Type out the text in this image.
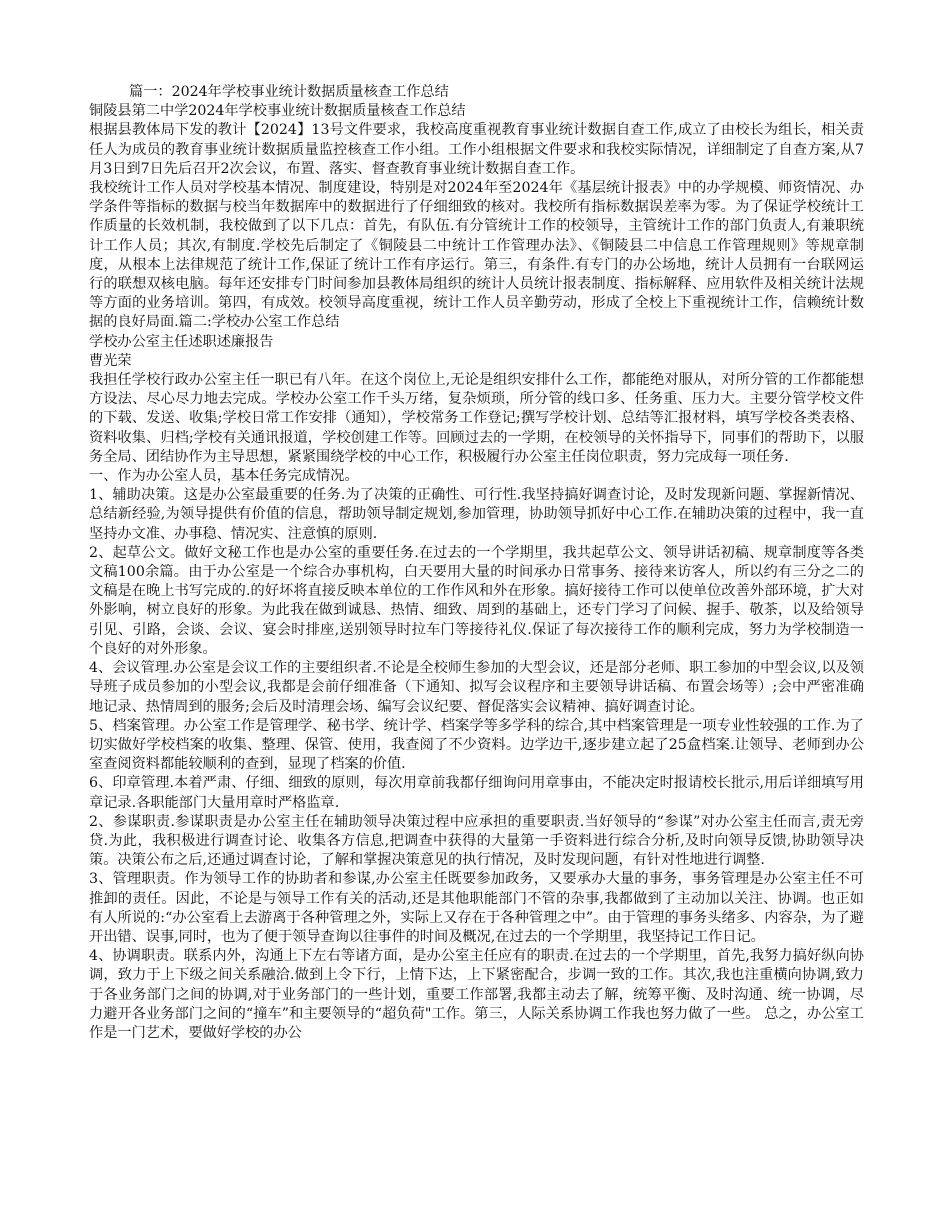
篇一：2024年学校事业统计数据质量核查工作总结

铜陵县第二中学2024年学校事业统计数据质量核查工作总结

根据县教体局下发的教计【2024】13号文件要求，我校高度重视教育事业统计数据自查工作,成立了由校长为组长，相关责任人为成员的教育事业统计数据质量监控核查工作小组。工作小组根据文件要求和我校实际情况，详细制定了自查方案,从7月3日到7日先后召开2次会议，布置、落实、督查教育事业统计数据自查工作。

我校统计工作人员对学校基本情况、制度建设，特别是对2024年至2024年《基层统计报表》中的办学规模、师资情况、办学条件等指标的数据与校当年数据库中的数据进行了仔细细致的核对。我校所有指标数据误差率为零。为了保证学校统计工作质量的长效机制，我校做到了以下几点：首先，有队伍.有分管统计工作的校领导，主管统计工作的部门负责人,有兼职统计工作人员；其次,有制度.学校先后制定了《铜陵县二中统计工作管理办法》、《铜陵县二中信息工作管理规则》等规章制度，从根本上法律规范了统计工作,保证了统计工作有序运行。第三，有条件.有专门的办公场地，统计人员拥有一台联网运行的联想双核电脑。每年还安排专门时间参加县教体局组织的统计人员统计报表制度、指标解释、应用软件及相关统计法规等方面的业务培训。第四，有成效。校领导高度重视，统计工作人员辛勤劳动，形成了全校上下重视统计工作，信赖统计数据的良好局面.篇二:学校办公室工作总结

学校办公室主任述职述廉报告

曹光荣

我担任学校行政办公室主任一职已有八年。在这个岗位上,无论是组织安排什么工作，都能绝对服从，对所分管的工作都能想方设法、尽心尽力地去完成。学校办公室工作千头万绪，复杂烦琐，所分管的线口多、任务重、压力大。主要分管学校文件的下载、发送、收集;学校日常工作安排（通知），学校常务工作登记;撰写学校计划、总结等汇报材料，填写学校各类表格、资料收集、归档;学校有关通讯报道，学校创建工作等。回顾过去的一学期，在校领导的关怀指导下，同事们的帮助下，以服务全局、团结协作为主导思想，紧紧围绕学校的中心工作，积极履行办公室主任岗位职责，努力完成每一项任务.

一、作为办公室人员，基本任务完成情况。

1、辅助决策。这是办公室最重要的任务.为了决策的正确性、可行性.我坚持搞好调查讨论，及时发现新问题、掌握新情况、总结新经验,为领导提供有价值的信息，帮助领导制定规划,参加管理，协助领导抓好中心工作.在辅助决策的过程中，我一直坚持办文准、办事稳、情况实、注意慎的原则.

2、起草公文。做好文秘工作也是办公室的重要任务.在过去的一个学期里，我共起草公文、领导讲话初稿、规章制度等各类文稿100余篇。由于办公室是一个综合办事机构，白天要用大量的时间承办日常事务、接待来访客人，所以约有三分之二的文稿是在晚上书写完成的.的好坏将直接反映本单位的工作作风和外在形象。搞好接待工作可以使单位改善外部环境，扩大对外影响，树立良好的形象。为此我在做到诚恳、热情、细致、周到的基础上，还专门学习了问候、握手、敬茶，以及给领导引见、引路，会谈、会议、宴会时排座,送别领导时拉车门等接待礼仪.保证了每次接待工作的顺利完成，努力为学校制造一个良好的对外形象。

4、会议管理.办公室是会议工作的主要组织者.不论是全校师生参加的大型会议，还是部分老师、职工参加的中型会议,以及领导班子成员参加的小型会议,我都是会前仔细准备（下通知、拟写会议程序和主要领导讲话稿、布置会场等）;会中严密准确地记录、热情周到的服务;会后及时清理会场、编写会议纪要、督促落实会议精神、搞好调查讨论。

5、档案管理。办公室工作是管理学、秘书学、统计学、档案学等多学科的综合,其中档案管理是一项专业性较强的工作.为了切实做好学校档案的收集、整理、保管、使用，我查阅了不少资料。边学边干,逐步建立起了25盒档案.让领导、老师到办公 室查阅资料都能较顺利的查到，显现了档案的价值.

6、印章管理.本着严肃、仔细、细致的原则，每次用章前我都仔细询问用章事由，不能决定时报请校长批示,用后详细填写用章记录.各职能部门大量用章时严格监章.

2、参谋职责.参谋职责是办公室主任在辅助领导决策过程中应承担的重要职责.当好领导的“参谋”对办公室主任而言,责无旁贷.为此，我积极进行调查讨论、收集各方信息,把调查中获得的大量第一手资料进行综合分析,及时向领导反馈,协助领导决策。决策公布之后,还通过调查讨论，了解和掌握决策意见的执行情况，及时发现问题，有针对性地进行调整.

3、管理职责。作为领导工作的协助者和参谋,办公室主任既要参加政务，又要承办大量的事务，事务管理是办公室主任不可推卸的责任。因此，不论是与领导工作有关的活动,还是其他职能部门不管的杂事,我都做到了主动加以关注、协调。也正如有人所说的:“办公室看上去游离于各种管理之外，实际上又存在于各种管理之中”。由于管理的事务头绪多、内容杂，为了避开出错、误事,同时，也为了便于领导查询以往事件的时间及概况,在过去的一个学期里，我坚持记工作日记。

4、协调职责。联系内外，沟通上下左右等诸方面，是办公室主任应有的职责.在过去的一个学期里，首先,我努力搞好纵向协调，致力于上下级之间关系融洽.做到上令下行，上情下达，上下紧密配合，步调一致的工作。其次,我也注重横向协调,致力于各业务部门之间的协调,对于业务部门的一些计划，重要工作部署,我都主动去了解，统筹平衡、及时沟通、统一协调，尽力避开各业务部门之间的“撞车”和主要领导的“超负荷"工作。第三，人际关系协调工作我也努力做了一些。 总之，办公室工作是一门艺术，要做好学校的办公
